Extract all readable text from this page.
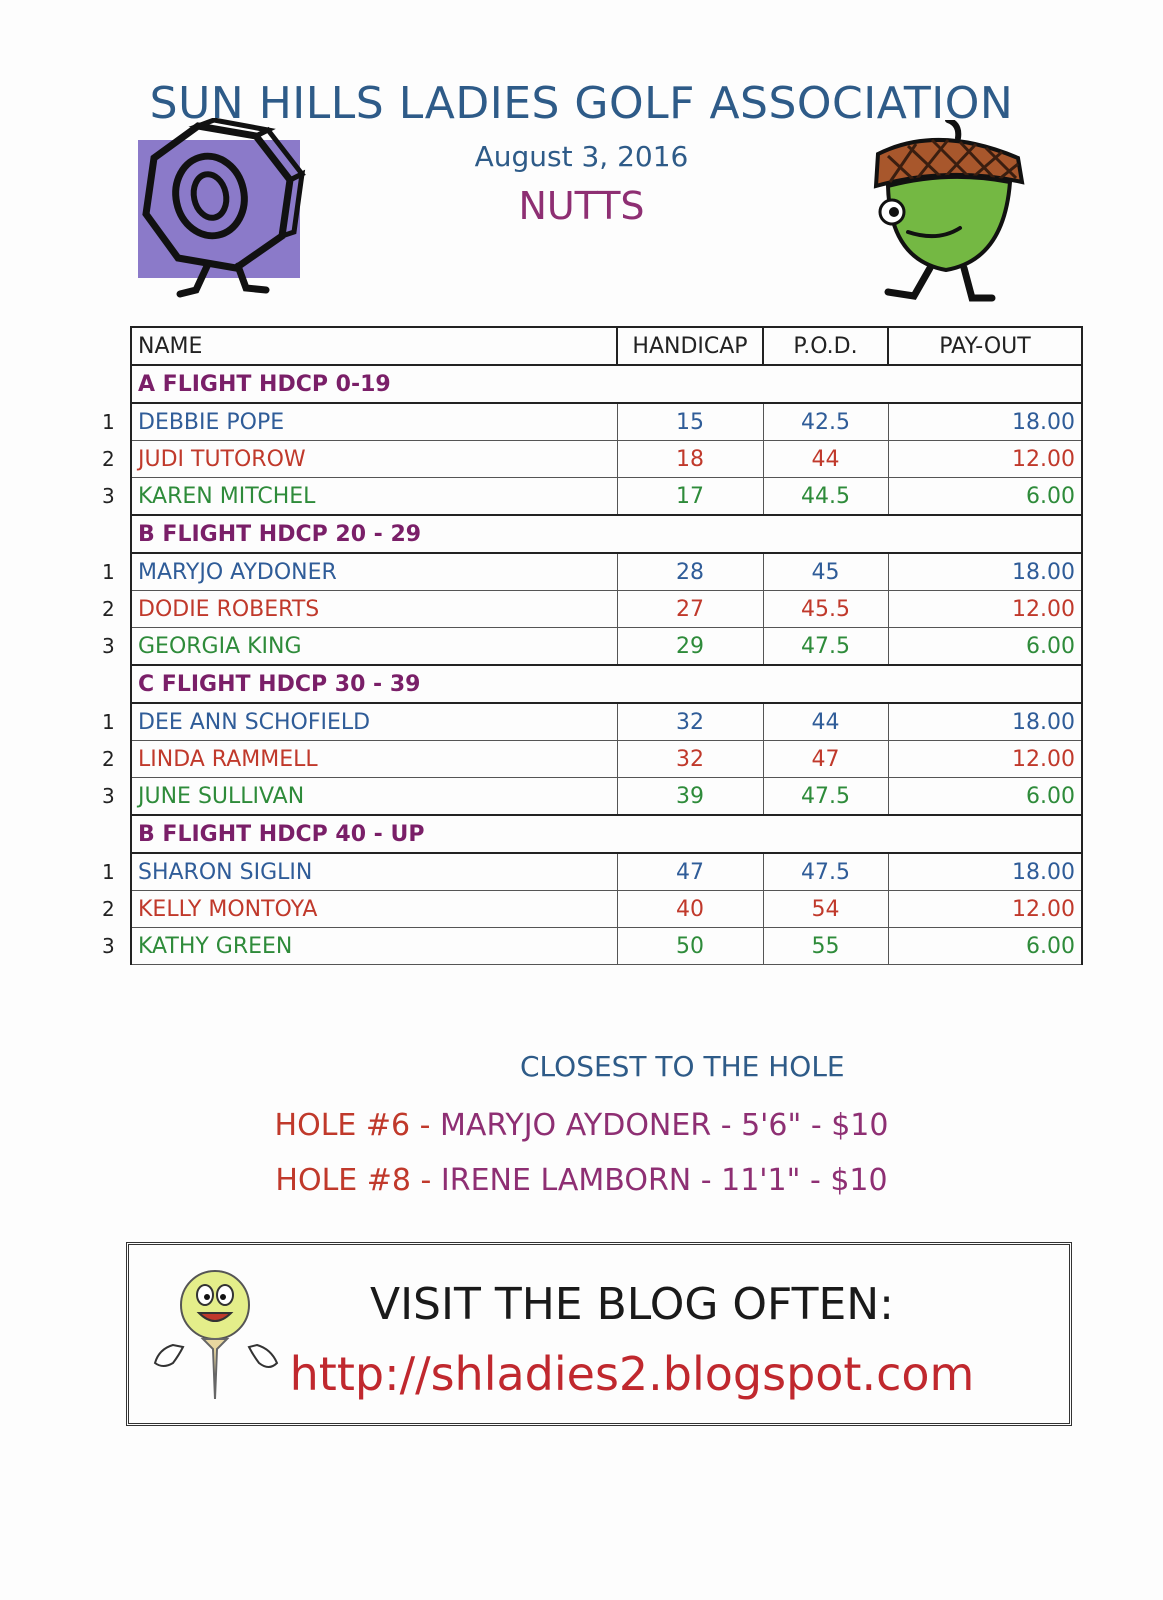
SUN HILLS LADIES GOLF ASSOCIATION
August 3, 2016
NUTTS
NAME	HANDICAP	P.O.D.	PAY-OUT
A FLIGHT HDCP 0-19			

1 DEBBIE POPE	15	42.5	18.00

2 JUDI TUTOROW	18	44	12.00

3 KAREN MITCHEL	17	44.5	6.00
B FLIGHT HDCP 20 - 29			

1 MARYJO AYDONER	28	45	18.00

2 DODIE ROBERTS	27	45.5	12.00

3 GEORGIA KING	29	47.5	6.00
C FLIGHT HDCP 30 - 39			

1 DEE ANN SCHOFIELD	32	44	18.00

2 LINDA RAMMELL	32	47	12.00

3 JUNE SULLIVAN	39	47.5	6.00
B FLIGHT HDCP 40 - UP			

1 SHARON SIGLIN	47	47.5	18.00

2 KELLY MONTOYA	40	54	12.00

3 KATHY GREEN	50	55	6.00
CLOSEST TO THE HOLE
HOLE #6 - MARYJO AYDONER - 5'6" - $10
HOLE #8 - IRENE LAMBORN - 11'1" - $10
VISIT THE BLOG OFTEN:
http://shladies2.blogspot.com
